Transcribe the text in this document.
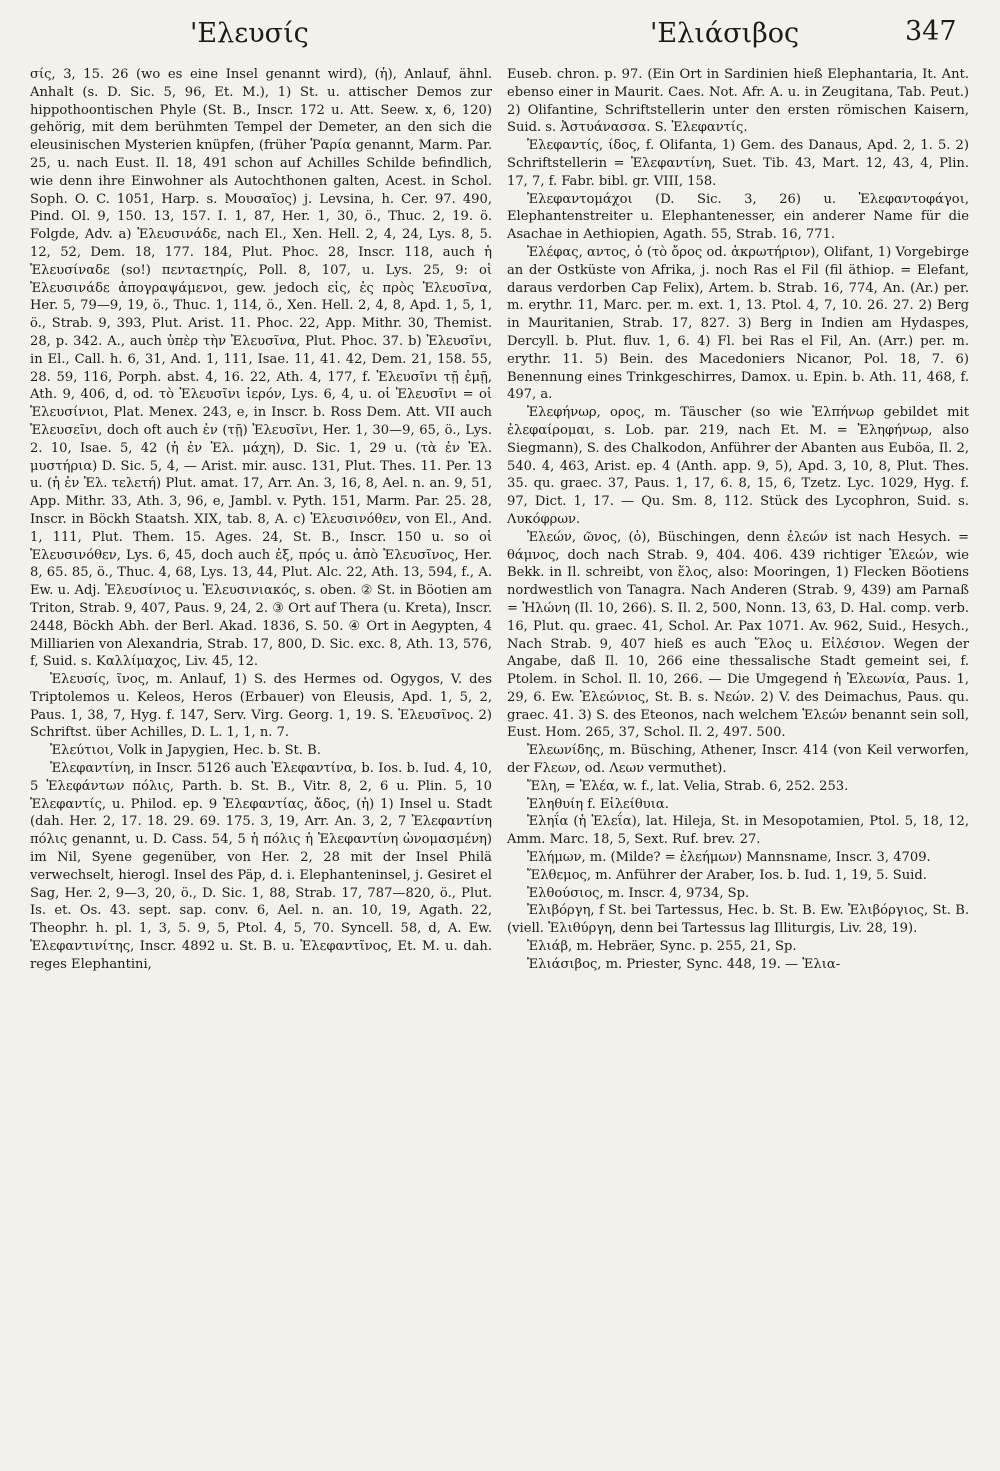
'Ελευσίς	'Ελιάσιβος	347

σίς, 3, 15. 26 (wo es eine Insel genannt wird), (ἡ), Anlauf, ähnl. Anhalt (s. D. Sic. 5, 96, Et. M.), 1) St. u. attischer Demos zur hippothoontischen Phyle (St. B., Inscr. 172 u. Att. Seew. x, 6, 120) gehörig, mit dem berühmten Tempel der Demeter, an den sich die eleusinischen Mysterien knüpfen, (früher Ῥαρία genannt, Marm. Par. 25, u. nach Eust. Il. 18, 491 schon auf Achilles Schilde befindlich, wie denn ihre Einwohner als Autochthonen galten, Acest. in Schol. Soph. O. C. 1051, Harp. s. Μουσαῖος) j. Levsina, h. Cer. 97. 490, Pind. Ol. 9, 150. 13, 157. I. 1, 87, Her. 1, 30, ö., Thuc. 2, 19. ö. Folgde, Adv. a) Ἐλευσινάδε, nach El., Xen. Hell. 2, 4, 24, Lys. 8, 5. 12, 52, Dem. 18, 177. 184, Plut. Phoc. 28, Inscr. 118, auch ἡ Ἐλευσίναδε (so!) πενταετηρίς, Poll. 8, 107, u. Lys. 25, 9: οἱ Ἐλευσινάδε ἀπογραψάμενοι, gew. jedoch εἰς, ἐς πρὸς Ἐλευσῖνα, Her. 5, 79—9, 19, ö., Thuc. 1, 114, ö., Xen. Hell. 2, 4, 8, Apd. 1, 5, 1, ö., Strab. 9, 393, Plut. Arist. 11. Phoc. 22, App. Mithr. 30, Themist. 28, p. 342. A., auch ὑπὲρ τὴν Ἐλευσῖνα, Plut. Phoc. 37. b) Ἐλευσῖνι, in El., Call. h. 6, 31, And. 1, 111, Isae. 11, 41. 42, Dem. 21, 158. 55, 28. 59, 116, Porph. abst. 4, 16. 22, Ath. 4, 177, f. Ἐλευσῖνι τῇ ἐμῇ, Ath. 9, 406, d, od. τὸ Ἐλευσῖνι ἱερόν, Lys. 6, 4, u. οἱ Ἐλευσῖνι = οἱ Ἐλευσίνιοι, Plat. Menex. 243, e, in Inscr. b. Ross Dem. Att. VII auch Ἐλευσεῖνι, doch oft auch ἐν (τῇ) Ἐλευσῖνι, Her. 1, 30—9, 65, ö., Lys. 2. 10, Isae. 5, 42 (ἡ ἐν Ἐλ. μάχη), D. Sic. 1, 29 u. (τὰ ἐν Ἐλ. μυστήρια) D. Sic. 5, 4, — Arist. mir. ausc. 131, Plut. Thes. 11. Per. 13 u. (ἡ ἐν Ἐλ. τελετή) Plut. amat. 17, Arr. An. 3, 16, 8, Ael. n. an. 9, 51, App. Mithr. 33, Ath. 3, 96, e, Jambl. v. Pyth. 151, Marm. Par. 25. 28, Inscr. in Böckh Staatsh. XIX, tab. 8, A. c) Ἐλευσινόθεν, von El., And. 1, 111, Plut. Them. 15. Ages. 24, St. B., Inscr. 150 u. so οἱ Ἐλευσινόθεν, Lys. 6, 45, doch auch ἐξ, πρός u. ἀπὸ Ἐλευσῖνος, Her. 8, 65. 85, ö., Thuc. 4, 68, Lys. 13, 44, Plut. Alc. 22, Ath. 13, 594, f., A. Ew. u. Adj. Ἐλευσίνιος u. Ἐλευσινιακός, s. oben. ② St. in Böotien am Triton, Strab. 9, 407, Paus. 9, 24, 2. ③ Ort auf Thera (u. Kreta), Inscr. 2448, Böckh Abh. der Berl. Akad. 1836, S. 50. ④ Ort in Aegypten, 4 Milliarien von Alexandria, Strab. 17, 800, D. Sic. exc. 8, Ath. 13, 576, f, Suid. s. Καλλίμαχος, Liv. 45, 12.

Ἐλευσίς, ῖνος, m. Anlauf, 1) S. des Hermes od. Ogygos, V. des Triptolemos u. Keleos, Heros (Erbauer) von Eleusis, Apd. 1, 5, 2, Paus. 1, 38, 7, Hyg. f. 147, Serv. Virg. Georg. 1, 19. S. Ἐλευσῖνος. 2) Schriftst. über Achilles, D. L. 1, 1, n. 7.

Ἐλεύτιοι, Volk in Japygien, Hec. b. St. B.

Ἐλεφαντίνη, in Inscr. 5126 auch Ἐλεφαντίνα, b. Ios. b. Iud. 4, 10, 5 Ἐλεφάντων πόλις, Parth. b. St. B., Vitr. 8, 2, 6 u. Plin. 5, 10 Ἐλεφαντίς, u. Philod. ep. 9 Ἐλεφαντίας, ἄδος, (ἡ) 1) Insel u. Stadt (dah. Her. 2, 17. 18. 29. 69. 175. 3, 19, Arr. An. 3, 2, 7 Ἐλεφαντίνη πόλις genannt, u. D. Cass. 54, 5 ἡ πόλις ἡ Ἐλεφαντίνη ὠνομασμένη) im Nil, Syene gegenüber, von Her. 2, 28 mit der Insel Philä verwechselt, hierogl. Insel des Päp, d. i. Elephanteninsel, j. Gesiret el Sag, Her. 2, 9—3, 20, ö., D. Sic. 1, 88, Strab. 17, 787—820, ö., Plut. Is. et. Os. 43. sept. sap. conv. 6, Ael. n. an. 10, 19, Agath. 22, Theophr. h. pl. 1, 3, 5. 9, 5, Ptol. 4, 5, 70. Syncell. 58, d, A. Ew. Ἐλεφαντινίτης, Inscr. 4892 u. St. B. u. Ἐλεφαντῖνος, Et. M. u. dah. reges Elephantini,

Euseb. chron. p. 97. (Ein Ort in Sardinien hieß Elephantaria, It. Ant. ebenso einer in Maurit. Caes. Not. Afr. A. u. in Zeugitana, Tab. Peut.) 2) Olifantine, Schriftstellerin unter den ersten römischen Kaisern, Suid. s. Ἀστυάνασσα. S. Ἐλεφαντίς.

Ἐλεφαντίς, ίδος, f. Olifanta, 1) Gem. des Danaus, Apd. 2, 1. 5. 2) Schriftstellerin = Ἐλεφαντίνη, Suet. Tib. 43, Mart. 12, 43, 4, Plin. 17, 7, f. Fabr. bibl. gr. VIII, 158.

Ἐλεφαντομάχοι (D. Sic. 3, 26) u. Ἐλεφαντοφάγοι, Elephantenstreiter u. Elephantenesser, ein anderer Name für die Asachae in Aethiopien, Agath. 55, Strab. 16, 771.

Ἐλέφας, αντος, ὁ (τὸ ὄρος od. ἀκρωτήριον), Olifant, 1) Vorgebirge an der Ostküste von Afrika, j. noch Ras el Fil (fil äthiop. = Elefant, daraus verdorben Cap Felix), Artem. b. Strab. 16, 774, An. (Ar.) per. m. erythr. 11, Marc. per. m. ext. 1, 13. Ptol. 4, 7, 10. 26. 27. 2) Berg in Mauritanien, Strab. 17, 827. 3) Berg in Indien am Hydaspes, Dercyll. b. Plut. fluv. 1, 6. 4) Fl. bei Ras el Fil, An. (Arr.) per. m. erythr. 11. 5) Bein. des Macedoniers Nicanor, Pol. 18, 7. 6) Benennung eines Trinkgeschirres, Damox. u. Epin. b. Ath. 11, 468, f. 497, a.

Ἐλεφήνωρ, ορος, m. Täuscher (so wie Ἐλπήνωρ gebildet mit ἐλεφαίρομαι, s. Lob. par. 219, nach Et. M. = Ἐληφήνωρ, also Siegmann), S. des Chalkodon, Anführer der Abanten aus Euböa, Il. 2, 540. 4, 463, Arist. ep. 4 (Anth. app. 9, 5), Apd. 3, 10, 8, Plut. Thes. 35. qu. graec. 37, Paus. 1, 17, 6. 8, 15, 6, Tzetz. Lyc. 1029, Hyg. f. 97, Dict. 1, 17. — Qu. Sm. 8, 112. Stück des Lycophron, Suid. s. Λυκόφρων.

Ἐλεών, ῶνος, (ὁ), Büschingen, denn ἐλεών ist nach Hesych. = θάμνος, doch nach Strab. 9, 404. 406. 439 richtiger Ἑλεών, wie Bekk. in Il. schreibt, von ἕλος, also: Mooringen, 1) Flecken Böotiens nordwestlich von Tanagra. Nach Anderen (Strab. 9, 439) am Parnaß = Ἠλώνη (Il. 10, 266). S. Il. 2, 500, Nonn. 13, 63, D. Hal. comp. verb. 16, Plut. qu. graec. 41, Schol. Ar. Pax 1071. Av. 962, Suid., Hesych., Nach Strab. 9, 407 hieß es auch Ἕλος u. Εἰλέσιον. Wegen der Angabe, daß Il. 10, 266 eine thessalische Stadt gemeint sei, f. Ptolem. in Schol. Il. 10, 266. — Die Umgegend ἡ Ἐλεωνία, Paus. 1, 29, 6. Ew. Ἐλεώνιος, St. B. s. Νεών. 2) V. des Deimachus, Paus. qu. graec. 41. 3) S. des Eteonos, nach welchem Ἐλεών benannt sein soll, Eust. Hom. 265, 37, Schol. Il. 2, 497. 500.

Ἐλεωνίδης, m. Büsching, Athener, Inscr. 414 (von Keil verworfen, der Fλεων, od. Λεων vermuthet).

Ἔλη, = Ἐλέα, w. f., lat. Velia, Strab. 6, 252. 253.

Ἐληθυίη f. Εἰλείθυια.

Ἐληΐα (ἡ Ἐλεΐα), lat. Hileja, St. in Mesopotamien, Ptol. 5, 18, 12, Amm. Marc. 18, 5, Sext. Ruf. brev. 27.

Ἐλήμων, m. (Milde? = ἐλεήμων) Mannsname, Inscr. 3, 4709.

Ἔλθεμος, m. Anführer der Araber, Ios. b. Iud. 1, 19, 5. Suid.

Ἐλθούσιος, m. Inscr. 4, 9734, Sp.

Ἐλιβόργη, f St. bei Tartessus, Hec. b. St. B. Ew. Ἐλιβόργιος, St. B. (viell. Ἐλιθύργη, denn bei Tartessus lag Illiturgis, Liv. 28, 19).

Ἐλιάβ, m. Hebräer, Sync. p. 255, 21, Sp.

Ἐλιάσιβος, m. Priester, Sync. 448, 19. — Ἐλια-
